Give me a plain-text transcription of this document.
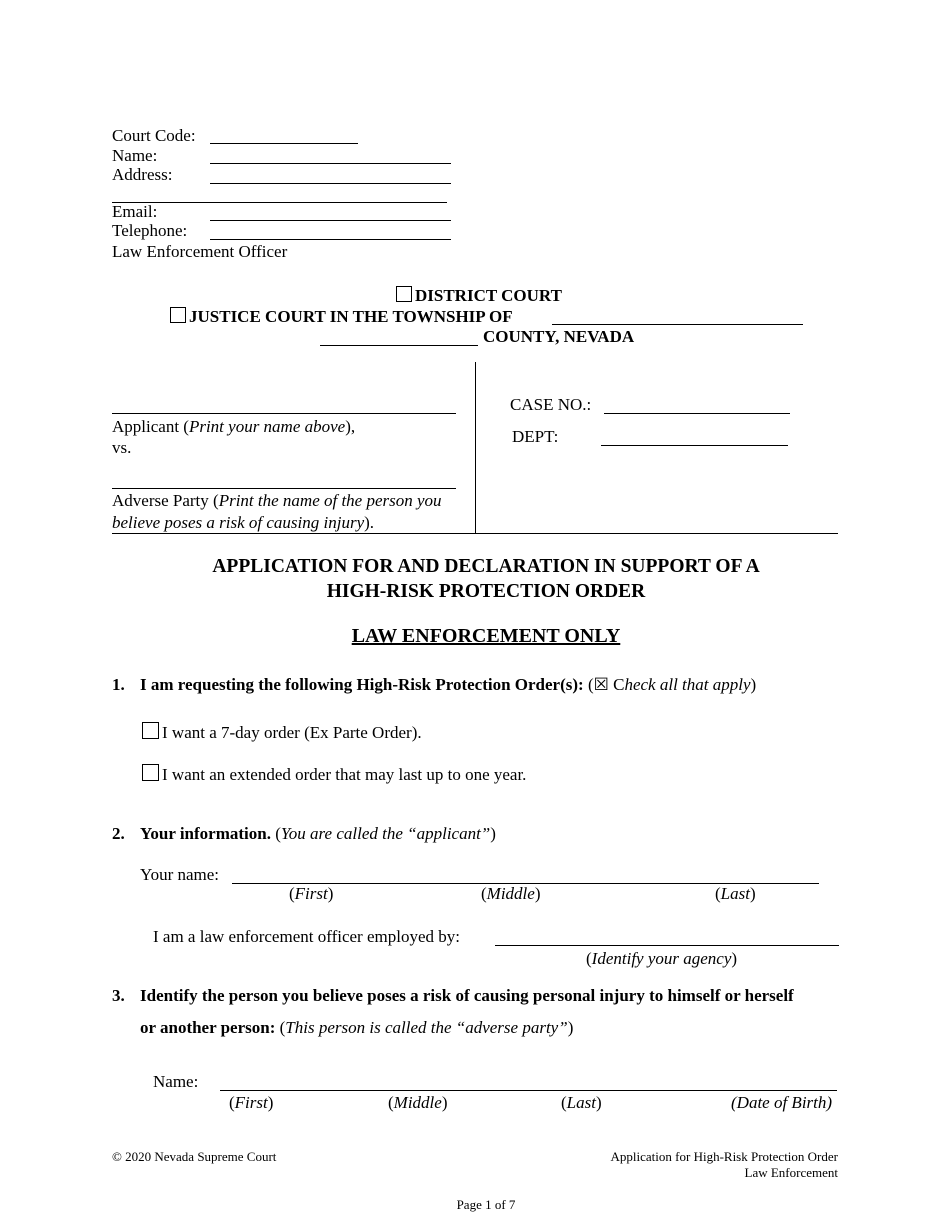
Court Code:
Name:
Address:
Email:
Telephone:
Law Enforcement Officer
DISTRICT COURT
JUSTICE COURT IN THE TOWNSHIP OF
COUNTY, NEVADA
Applicant (Print your name above),
vs.
Adverse Party (Print the name of the person you
believe poses a risk of causing injury).
CASE NO.:
DEPT:
APPLICATION FOR AND DECLARATION IN SUPPORT OF A
HIGH-RISK PROTECTION ORDER
LAW ENFORCEMENT ONLY
1. I am requesting the following High-Risk Protection Order(s): (☒ Check all that apply)
I want a 7-day order (Ex Parte Order).
I want an extended order that may last up to one year.
2. Your information. (You are called the “applicant”)
Your name:
(First)	(Middle)	(Last)
I am a law enforcement officer employed by:
(Identify your agency)
3. Identify the person you believe poses a risk of causing personal injury to himself or herself
or another person: (This person is called the “adverse party”)
Name:
(First)	(Middle)	(Last)	(Date of Birth)
© 2020 Nevada Supreme Court	Application for High-Risk Protection Order
Law Enforcement
Page 1 of 7
